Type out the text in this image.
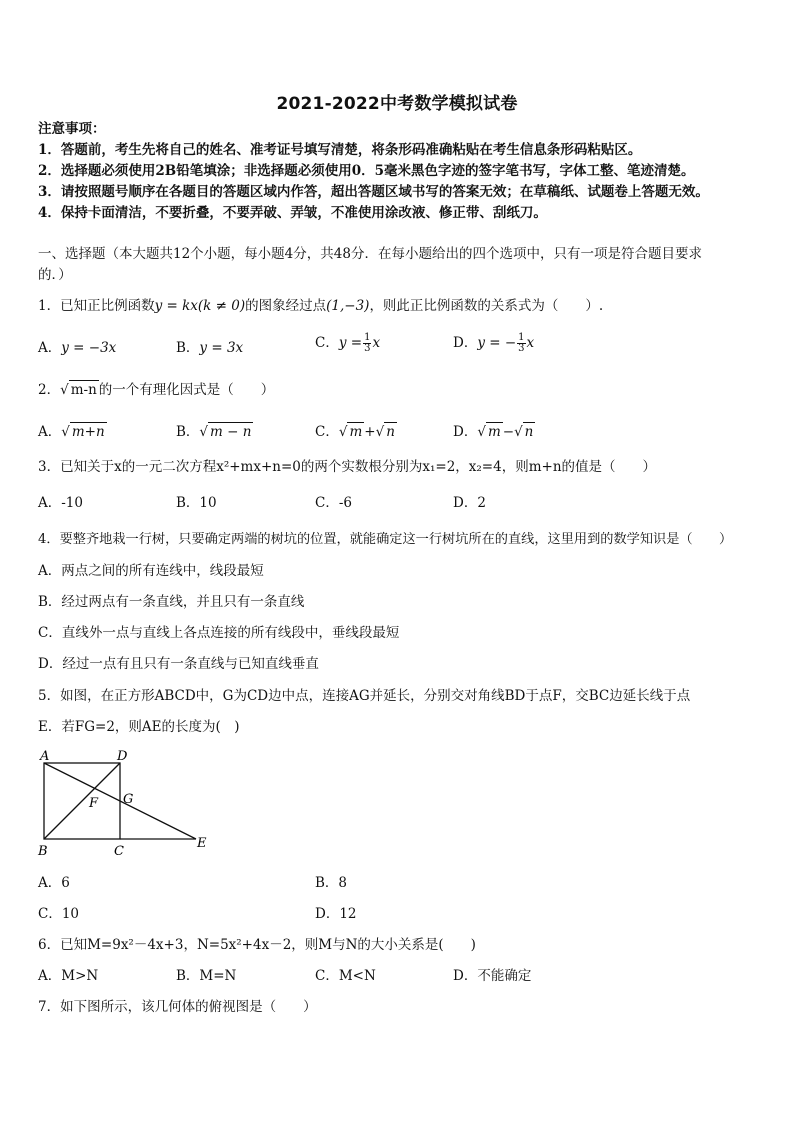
2021-2022中考数学模拟试卷
注意事项：
1．答题前，考生先将自己的姓名、准考证号填写清楚，将条形码准确粘贴在考生信息条形码粘贴区。
2．选择题必须使用2B铅笔填涂；非选择题必须使用0．5毫米黑色字迹的签字笔书写，字体工整、笔迹清楚。
3．请按照题号顺序在各题目的答题区域内作答，超出答题区域书写的答案无效；在草稿纸、试题卷上答题无效。
4．保持卡面清洁，不要折叠，不要弄破、弄皱，不准使用涂改液、修正带、刮纸刀。
一、选择题（本大题共12个小题，每小题4分，共48分．在每小题给出的四个选项中，只有一项是符合题目要求
的．）
1．已知正比例函数y = kx(k ≠ 0)的图象经过点(1,−3)，则此正比例函数的关系式为（　　）.
A．y = −3x	B．y = 3x	C．$y = \frac{1}{3}$ x	D．y = − $\frac{1}{3}$ x
2．√ m-n 的一个有理化因式是（　　）
A．√ m+n	B．√ m − n	C．√ m +√ n	D．√ m −√ n
3．已知关于x的一元二次方程x²+mx+n=0的两个实数根分别为x₁=2，x₂=4，则m+n的值是（　　）
A．-10	B．10	C．-6	D．2
4．要整齐地栽一行树，只要确定两端的树坑的位置，就能确定这一行树坑所在的直线，这里用到的数学知识是（　　）
A．两点之间的所有连线中，线段最短
B．经过两点有一条直线，并且只有一条直线
C．直线外一点与直线上各点连接的所有线段中，垂线段最短
D．经过一点有且只有一条直线与已知直线垂直
5．如图，在正方形ABCD中，G为CD边中点，连接AG并延长，分别交对角线BD于点F，交BC边延长线于点
E．若FG=2，则AE的长度为(　)
A	D
G
F
B	C
E
A．6	B．8
C．10	D．12
6．已知M=9x²－4x+3，N=5x²+4x－2，则M与N的大小关系是(　　)
A．M>N	B．M=N	C．M<N	D．不能确定
7．如下图所示，该几何体的俯视图是（　　）
